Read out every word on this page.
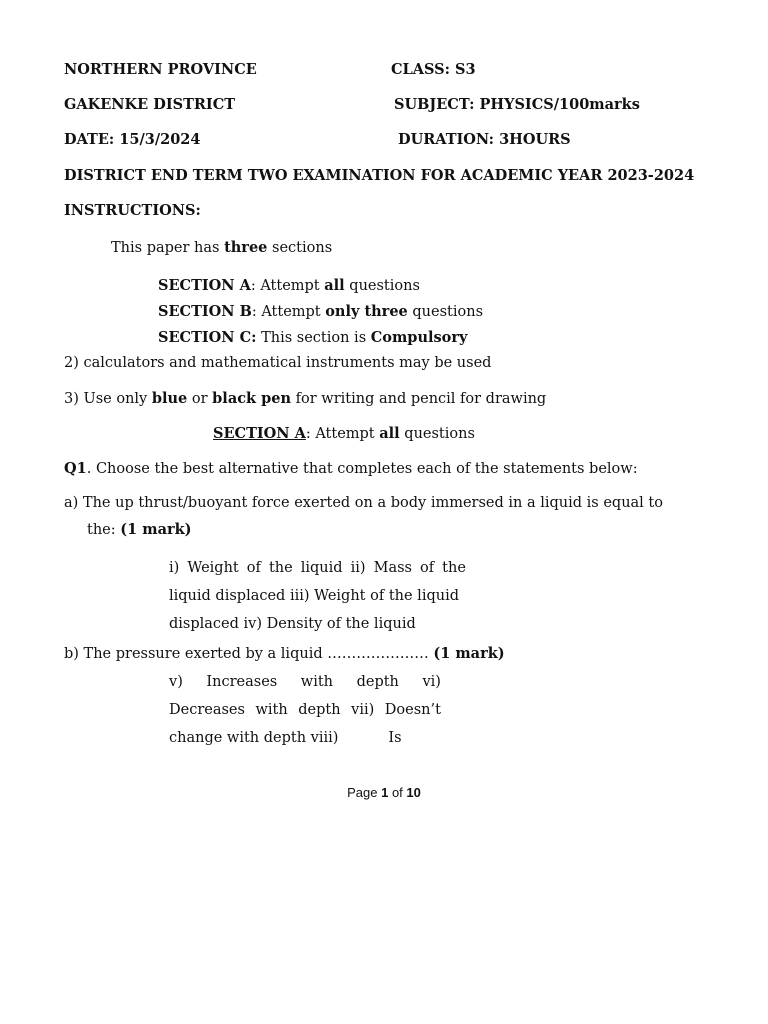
NORTHERN PROVINCE	CLASS: S3
GAKENKE DISTRICT	SUBJECT: PHYSICS/100marks
DATE: 15/3/2024	DURATION: 3HOURS
DISTRICT END TERM TWO EXAMINATION FOR ACADEMIC YEAR 2023-2024
INSTRUCTIONS:
This paper has three sections
SECTION A: Attempt all questions
SECTION B: Attempt only three questions
SECTION C: This section is Compulsory
2) calculators and mathematical instruments may be used
3) Use only blue or black pen for writing and pencil for drawing
SECTION A: Attempt all questions
Q1. Choose the best alternative that completes each of the statements below:
a) The up thrust/buoyant force exerted on a body immersed in a liquid is equal to
the: (1 mark)
i) Weight of the liquid ii) Mass of the
liquid displaced iii) Weight of the liquid
displaced iv) Density of the liquid
b) The pressure exerted by a liquid ………………… (1 mark)
v) Increases with depth vi)
Decreases with depth vii) Doesn’t
change with depth viii)	Is
Page 1 of 10
